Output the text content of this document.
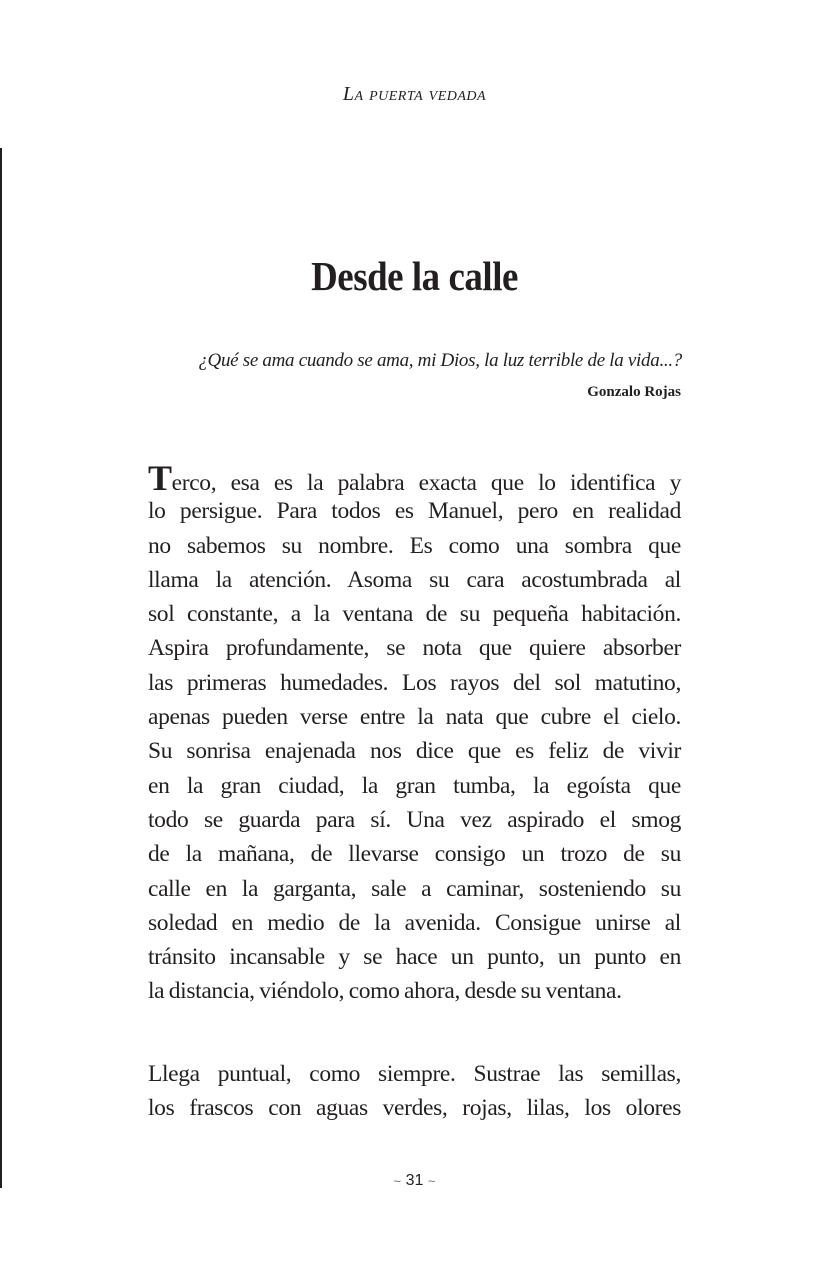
La puerta vedada
Desde la calle

¿Qué se ama cuando se ama, mi Dios, la luz terrible de la vida...?

Gonzalo Rojas

Terco, esa es la palabra exacta que lo identifica y
lo persigue. Para todos es Manuel, pero en realidad
no sabemos su nombre. Es como una sombra que
llama la atención. Asoma su cara acostumbrada al
sol constante, a la ventana de su pequeña habitación.
Aspira profundamente, se nota que quiere absorber
las primeras humedades. Los rayos del sol matutino,
apenas pueden verse entre la nata que cubre el cielo.
Su sonrisa enajenada nos dice que es feliz de vivir
en la gran ciudad, la gran tumba, la egoísta que
todo se guarda para sí. Una vez aspirado el smog
de la mañana, de llevarse consigo un trozo de su
calle en la garganta, sale a caminar, sosteniendo su
soledad en medio de la avenida. Consigue unirse al
tránsito incansable y se hace un punto, un punto en
la distancia, viéndolo, como ahora, desde su ventana.
Llega puntual, como siempre. Sustrae las semillas,
los frascos con aguas verdes, rojas, lilas, los olores
~ 31 ~
